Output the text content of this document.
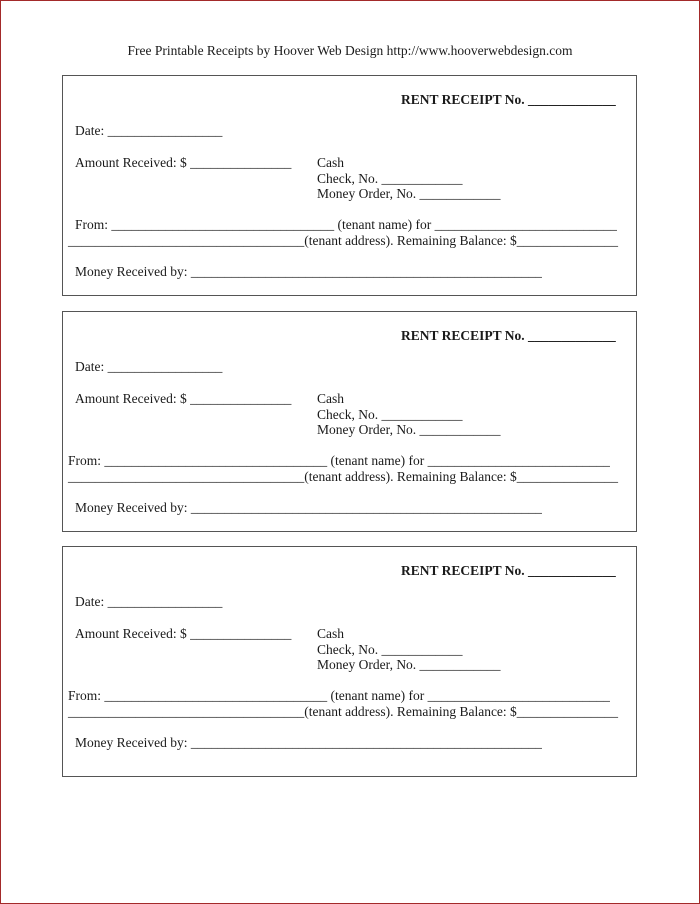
Free Printable Receipts by Hoover Web Design http://www.hooverwebdesign.com
RENT RECEIPT No. _____________
Date: _________________
Amount Received: $ _______________ Cash
Check, No. ____________
Money Order, No. ____________
From: _________________________________ (tenant name) for ___________________________
___________________________________(tenant address). Remaining Balance: $_______________
Money Received by: ____________________________________________________
RENT RECEIPT No. _____________
Date: _________________
Amount Received: $ _______________ Cash
Check, No. ____________
Money Order, No. ____________
From: _________________________________ (tenant name) for ___________________________
___________________________________(tenant address). Remaining Balance: $_______________
Money Received by: ____________________________________________________
RENT RECEIPT No. _____________
Date: _________________
Amount Received: $ _______________ Cash
Check, No. ____________
Money Order, No. ____________
From: _________________________________ (tenant name) for ___________________________
___________________________________(tenant address). Remaining Balance: $_______________
Money Received by: ____________________________________________________
